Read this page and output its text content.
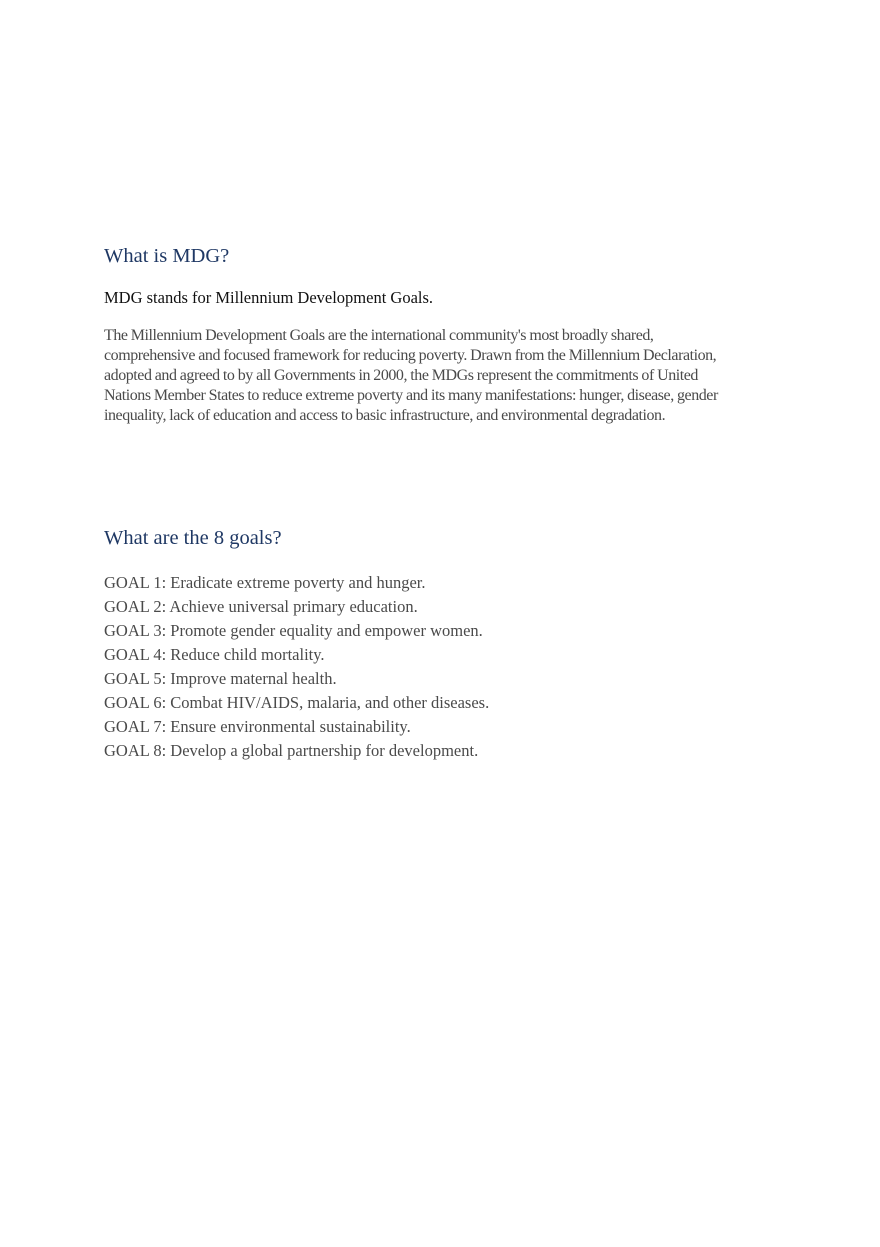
What is MDG?

MDG stands for Millennium Development Goals.

The Millennium Development Goals are the international community's most broadly shared, comprehensive and focused framework for reducing poverty. Drawn from the Millennium Declaration, adopted and agreed to by all Governments in 2000, the MDGs represent the commitments of United Nations Member States to reduce extreme poverty and its many manifestations: hunger, disease, gender inequality, lack of education and access to basic infrastructure, and environmental degradation.

What are the 8 goals?
GOAL 1: Eradicate extreme poverty and hunger.
GOAL 2: Achieve universal primary education.
GOAL 3: Promote gender equality and empower women.
GOAL 4: Reduce child mortality.
GOAL 5: Improve maternal health.
GOAL 6: Combat HIV/AIDS, malaria, and other diseases.
GOAL 7: Ensure environmental sustainability.
GOAL 8: Develop a global partnership for development.
